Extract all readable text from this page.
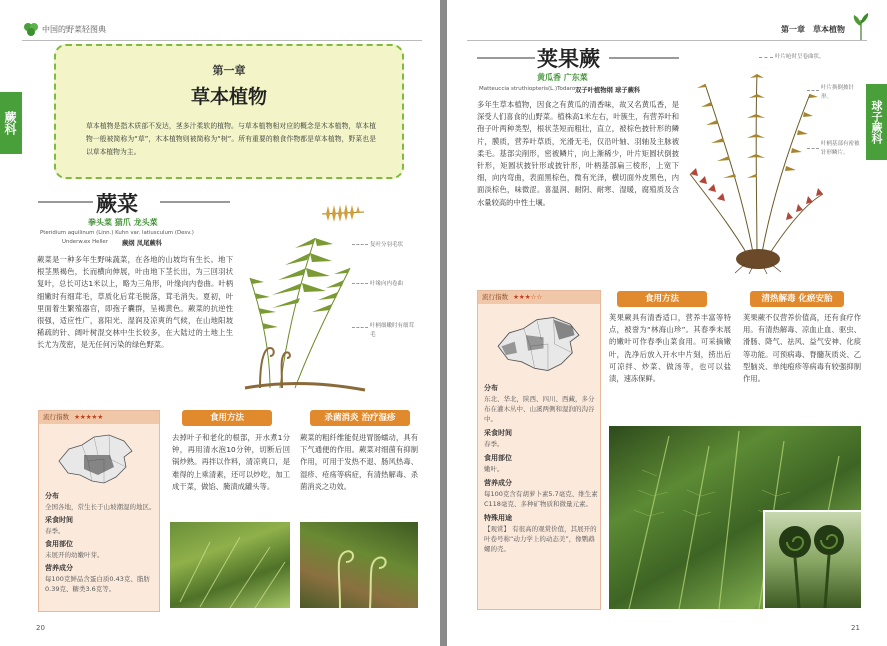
中国的野菜轻图典
蕨科
第一章
草本植物
草本植物是指木质部不发达，茎多汁柔软的植物。与草本植物相对应的概念是木本植物，草本植物一般被简称为“草”，木本植物则被简称为“树”。所有重要的粮食作物都是草本植物，野菜也是以草本植物为主。
蕨菜
拳头菜 猫爪 龙头菜
Pteridium aquilinum (Linn.) Kuhn var. latiusculum (Desv.)
Underw.ex Heller 蕨纲 凤尾蕨科
蕨菜是一种多年生野味蔬菜，在各地的山坡均有生长。地下根茎黑褐色，长而横向伸展，叶由地下茎长出，为三回羽状复叶，总长可达1米以上，略为三角形，叶缘向内卷曲。叶柄细嫩时有细茸毛，草质化后茸毛脱落，茸毛消失。夏初，叶里面着生繁殖器官，即孢子囊群，呈褐黄色。蕨菜的抗逆性很强，适应性广，喜阳光、湿润及凉爽的气候，在山地阳坡稀疏的针、阔叶树混交林中生长较多，在大陆过的土地上生长尤为茂密，是无任何污染的绿色野菜。
复叶分羽毛状
叶缘向内卷曲
叶柄细嫩时有细茸毛
流行指数 ★★★★★
分布
全国各地，常生长于山坡潮湿的地区。
采食时间
春季。
食用部位
未展开的幼嫩叶芽。
营养成分
每100克鲜品含蛋白质0.43克、脂肪0.39克、糖类3.6克等。
食用方法
去掉叶子和老化的根部，开水煮1分钟，再用清水泡10分钟，切断后回锅炒熟。再拌以作料，清凉爽口，是难得的上乘清素，还可以炒吃，加工成干菜，做馅、腌渍成罐头等。
杀菌消炎 治疗湿疹
蕨菜的粗纤维能促进胃肠蠕动，具有下气通便的作用。蕨菜对细菌有抑制作用，可用于发热不退、肠风热毒、湿疹、疮疡等病症，有清热解毒、杀菌消炎之功效。
20
第一章 草本植物
球子蕨科
荚果蕨
黄瓜香 广东菜
Matteuccia struthiopteris(L.)Todaro 双子叶植物纲 球子蕨科
多年生草本植物，因食之有黄瓜的清香味，故又名黄瓜香，是深受人们喜食的山野菜。植株高1米左右，叶簇生，有营养叶和孢子叶两种类型，根状茎短而粗壮，直立，被棕色披针形的鳞片，膜质，营养叶草质，光滑无毛，仅沿叶轴、羽轴及主脉被柔毛。基部尖削形，密被鳞片，向上渐稀少，叶片矩圆状倒披针形，矩圆状披针形或披针形，叶柄基部扁三棱形，上宽下细，向内弯曲，表面黑棕色，微有光泽，横切面外皮黑色，内面淡棕色，味微涩。喜温润、耐阴、耐寒、湿暖，腐殖质及含水量较高的中性土壤。
叶片呛时呈卷曲状。
叶片换倒披针形。
叶柄基部有密被针形鳞片。
流行指数 ★★★☆☆
分布
东北、华北，陕西、四川、西藏，多分布在灌木丛中、山溪两侧和湿润的沟谷中。
采食时间
春季。
食用部位
嫩叶。
营养成分
每100克含有胡萝卜素5.7毫克、维生素C118毫克、多种矿物质和微量元素。
特殊用途
【观赏】 有很高的观赏价值，其展开的叶卷号称“动力学上的动态美”，像鹦鹉螺的壳。
食用方法
荚果蕨具有清香适口，营养丰富等特点，被誉为“林海山珍”。其春季未展的嫩叶可作春季山菜食用。可采摘嫩叶，洗净后放入开水中片刻，捞出后可凉拌、炒菜、做汤等，也可以盐渍，速冻保鲜。
清热解毒 化瘀安胎
荚果蕨不仅营养价值高，还有食疗作用。有清热解毒、凉血止血、驱虫、滑肠、降气、祛风、益气安神、化痰等功能。可预病毒、脊髓灰质炎、乙型脑炎、单纯疱疹等病毒有较强抑制作用。
21
